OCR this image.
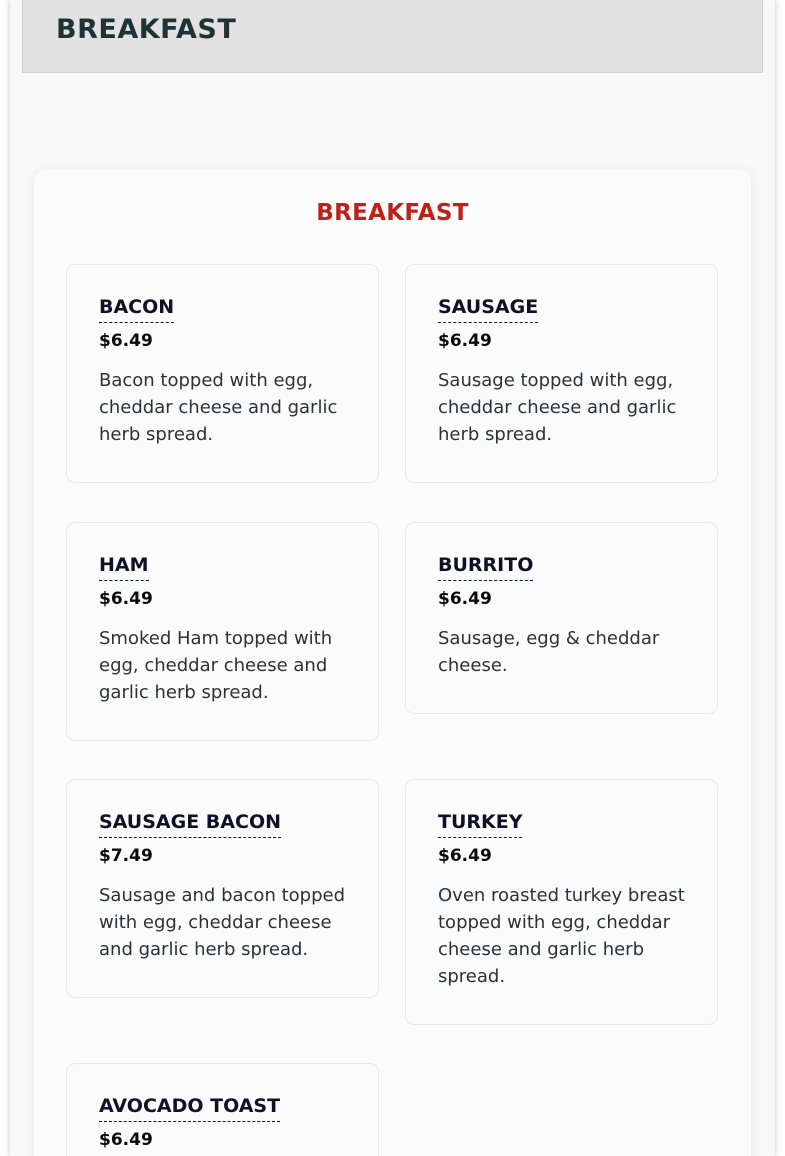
BREAKFAST
BREAKFAST
BACON
$6.49
Bacon topped with egg, cheddar cheese and garlic herb spread.
SAUSAGE
$6.49
Sausage topped with egg, cheddar cheese and garlic herb spread.
HAM
$6.49
Smoked Ham topped with egg, cheddar cheese and garlic herb spread.
BURRITO
$6.49
Sausage, egg & cheddar cheese.
SAUSAGE BACON
$7.49
Sausage and bacon topped with egg, cheddar cheese and garlic herb spread.
TURKEY
$6.49
Oven roasted turkey breast topped with egg, cheddar cheese and garlic herb spread.
AVOCADO TOAST
$6.49
